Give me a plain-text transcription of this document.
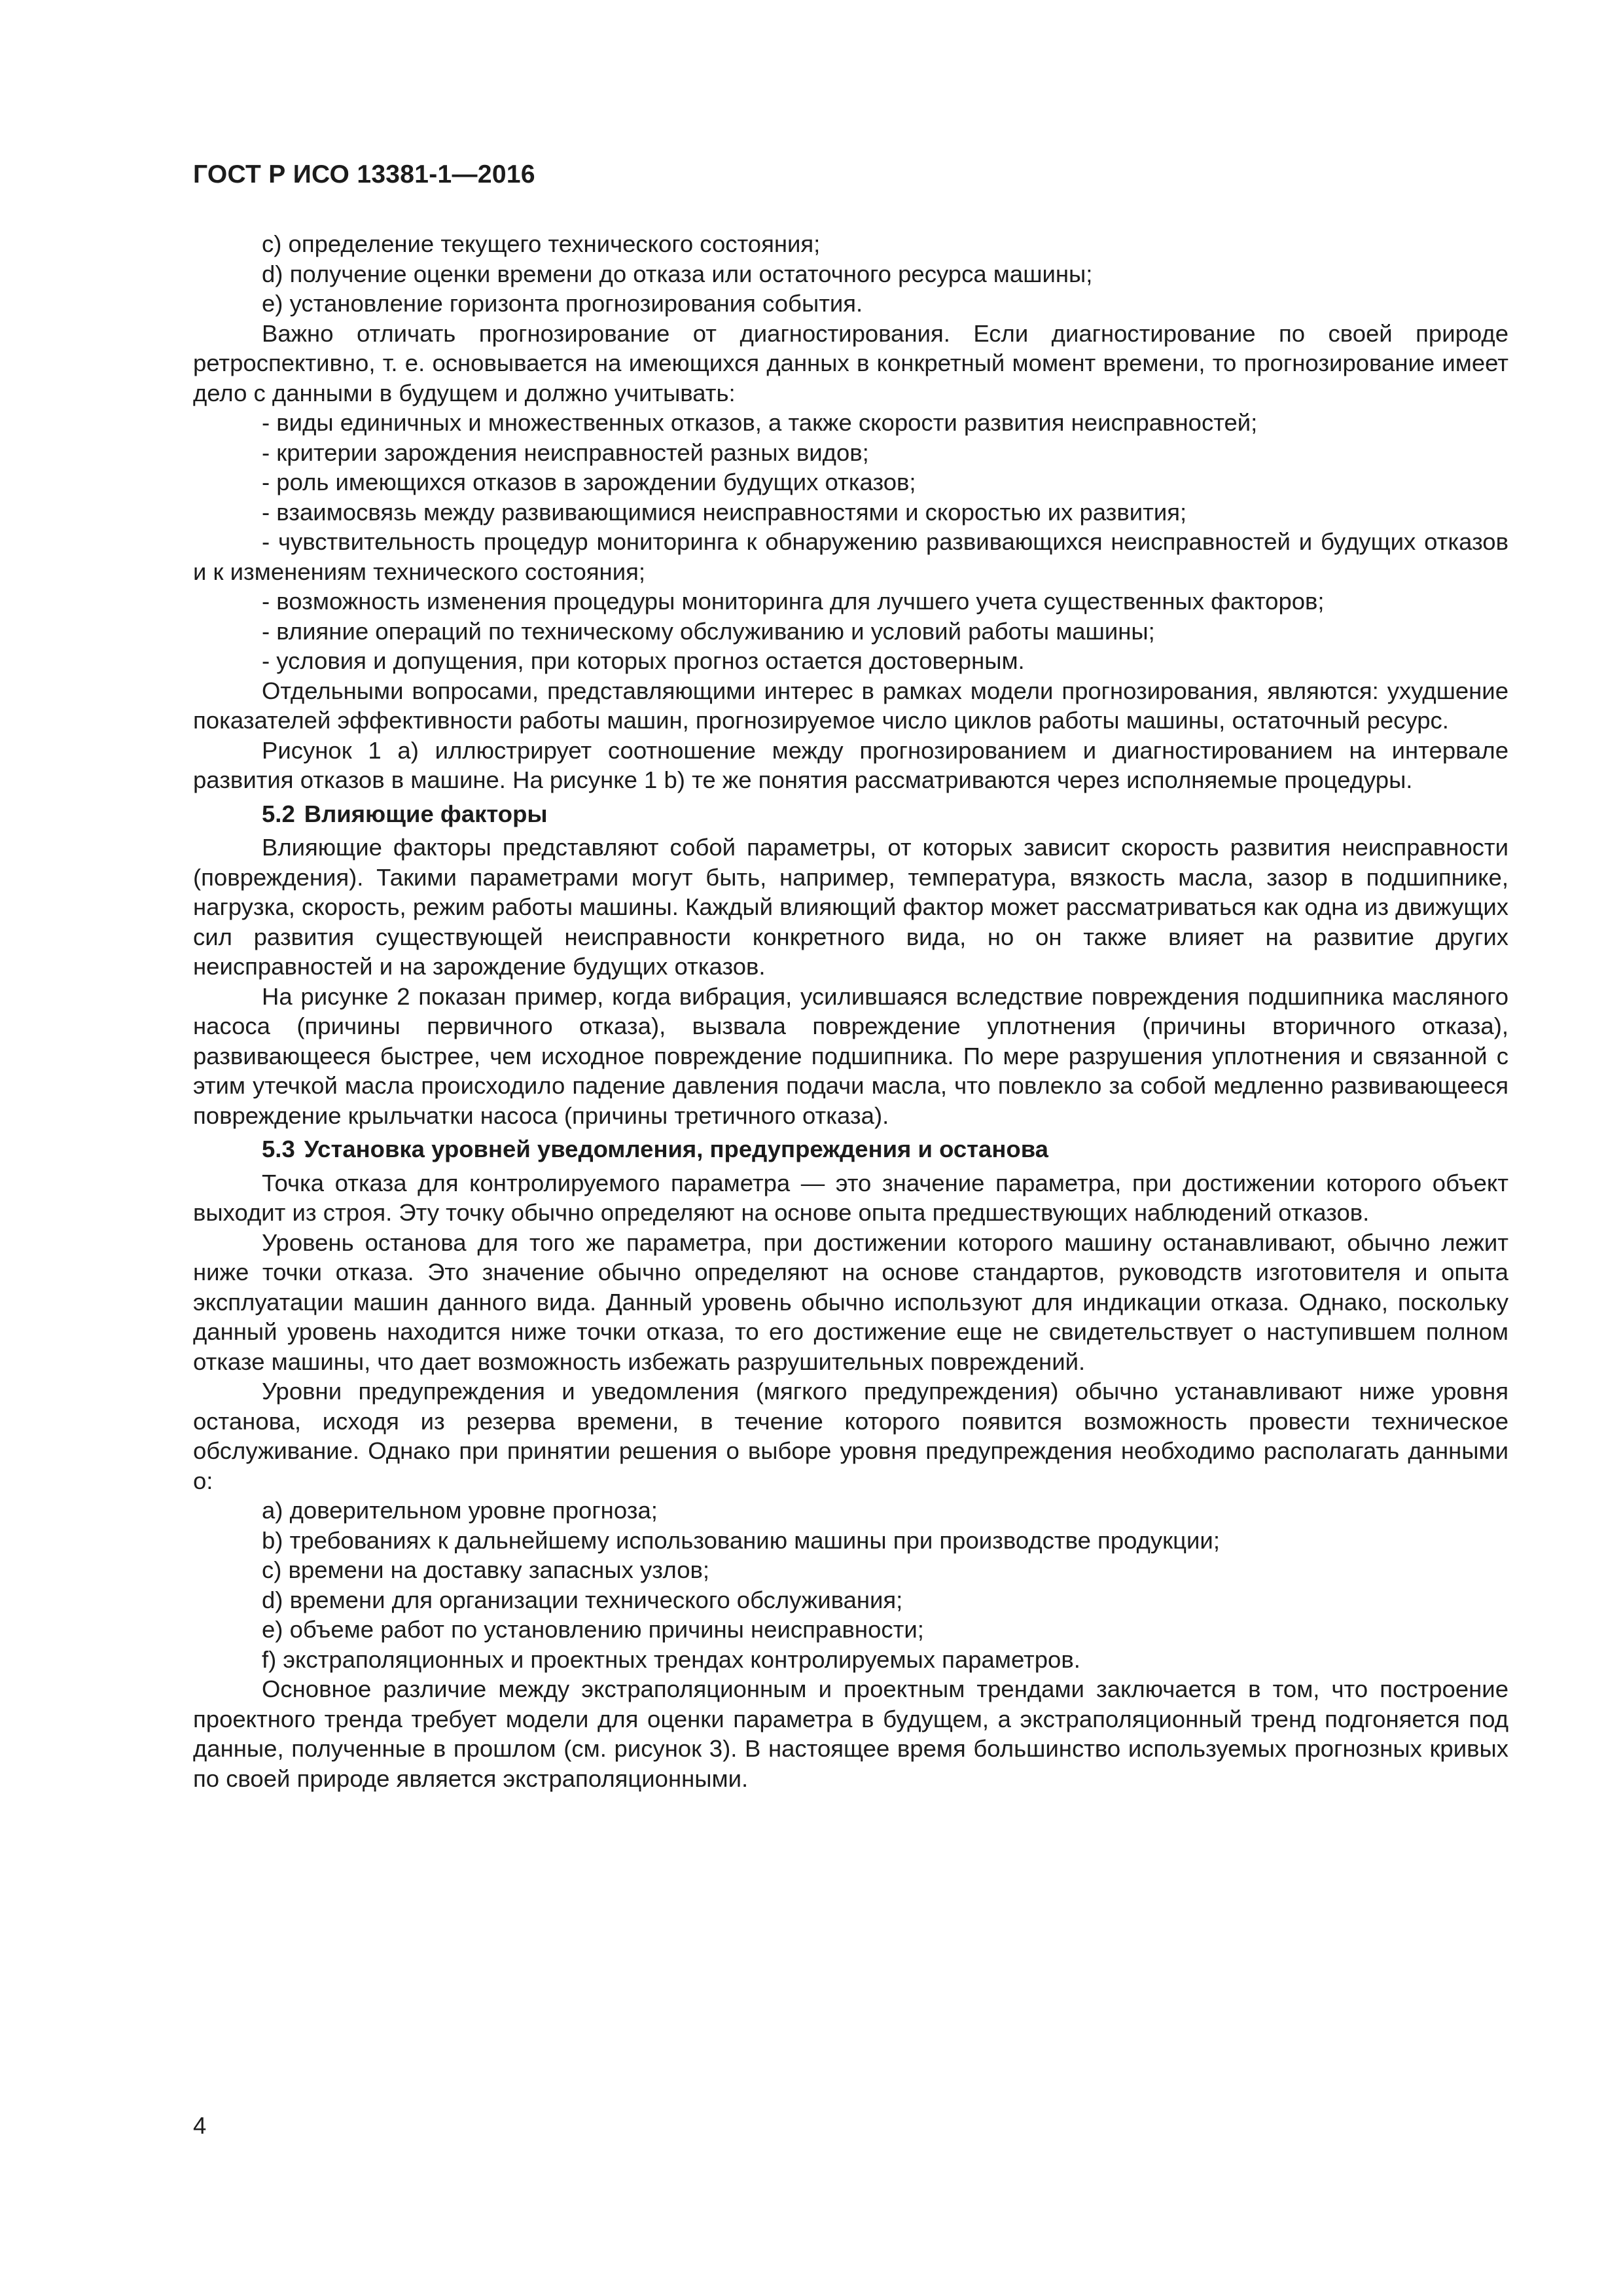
ГОСТ Р ИСО 13381-1—2016

c) определение текущего технического состояния;

d) получение оценки времени до отказа или остаточного ресурса машины;

e) установление горизонта прогнозирования события.

Важно отличать прогнозирование от диагностирования. Если диагностирование по своей природе ретроспективно, т. е. основывается на имеющихся данных в конкретный момент времени, то прогнозирование имеет дело с данными в будущем и должно учитывать:

- виды единичных и множественных отказов, а также скорости развития неисправностей;

- критерии зарождения неисправностей разных видов;

- роль имеющихся отказов в зарождении будущих отказов;

- взаимосвязь между развивающимися неисправностями и скоростью их развития;

- чувствительность процедур мониторинга к обнаружению развивающихся неисправностей и будущих отказов и к изменениям технического состояния;

- возможность изменения процедуры мониторинга для лучшего учета существенных факторов;

- влияние операций по техническому обслуживанию и условий работы машины;

- условия и допущения, при которых прогноз остается достоверным.

Отдельными вопросами, представляющими интерес в рамках модели прогнозирования, являются: ухудшение показателей эффективности работы машин, прогнозируемое число циклов работы машины, остаточный ресурс.

Рисунок 1 а) иллюстрирует соотношение между прогнозированием и диагностированием на интервале развития отказов в машине. На рисунке 1 b) те же понятия рассматриваются через исполняемые процедуры.

5.2 Влияющие факторы

Влияющие факторы представляют собой параметры, от которых зависит скорость развития неисправности (повреждения). Такими параметрами могут быть, например, температура, вязкость масла, зазор в подшипнике, нагрузка, скорость, режим работы машины. Каждый влияющий фактор может рассматриваться как одна из движущих сил развития существующей неисправности конкретного вида, но он также влияет на развитие других неисправностей и на зарождение будущих отказов.

На рисунке 2 показан пример, когда вибрация, усилившаяся вследствие повреждения подшипника масляного насоса (причины первичного отказа), вызвала повреждение уплотнения (причины вторичного отказа), развивающееся быстрее, чем исходное повреждение подшипника. По мере разрушения уплотнения и связанной с этим утечкой масла происходило падение давления подачи масла, что повлекло за собой медленно развивающееся повреждение крыльчатки насоса (причины третичного отказа).

5.3 Установка уровней уведомления, предупреждения и останова

Точка отказа для контролируемого параметра — это значение параметра, при достижении которого объект выходит из строя. Эту точку обычно определяют на основе опыта предшествующих наблюдений отказов.

Уровень останова для того же параметра, при достижении которого машину останавливают, обычно лежит ниже точки отказа. Это значение обычно определяют на основе стандартов, руководств изготовителя и опыта эксплуатации машин данного вида. Данный уровень обычно используют для индикации отказа. Однако, поскольку данный уровень находится ниже точки отказа, то его достижение еще не свидетельствует о наступившем полном отказе машины, что дает возможность избежать разрушительных повреждений.

Уровни предупреждения и уведомления (мягкого предупреждения) обычно устанавливают ниже уровня останова, исходя из резерва времени, в течение которого появится возможность провести техническое обслуживание. Однако при принятии решения о выборе уровня предупреждения необходимо располагать данными о:

a) доверительном уровне прогноза;

b) требованиях к дальнейшему использованию машины при производстве продукции;

c) времени на доставку запасных узлов;

d) времени для организации технического обслуживания;

e) объеме работ по установлению причины неисправности;

f) экстраполяционных и проектных трендах контролируемых параметров.

Основное различие между экстраполяционным и проектным трендами заключается в том, что построение проектного тренда требует модели для оценки параметра в будущем, а экстраполяционный тренд подгоняется под данные, полученные в прошлом (см. рисунок 3). В настоящее время большинство используемых прогнозных кривых по своей природе является экстраполяционными.

4
